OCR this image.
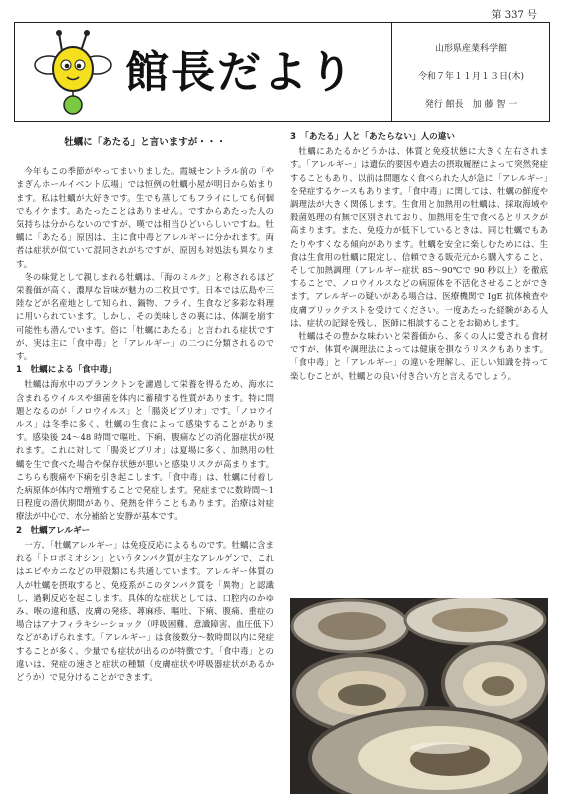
第 337 号
館長だより	山形県産業科学館
令和７年１１月１３日(木)
発行 館長　加 藤 智 一
牡蠣に「あたる」と言いますが・・・

今年もこの季節がやってまいりました。霞城セントラル前の「やまぎんホールイベント広場」では恒例の牡蠣小屋が明日から始まります。私は牡蠣が大好きです。生でも蒸してもフライにしても何個でもイケます。あたったことはありません。ですからあたった人の気持ちは分からないのですが、嘆では相当ひどいらしいですね。牡蠣に「あたる」原因は、主に食中毒とアレルギーに分かれます。両者は症状が似ていて混同されがちですが、原因も対処法も異なります。

冬の味覚として親しまれる牡蠣は、「海のミルク」と称されるほど栄養価が高く、濃厚な旨味が魅力の二枚貝です。日本では広島や三陸などが名産地として知られ、鍋物、フライ、生食など多彩な料理に用いられています。しかし、その美味しさの裏には、体調を崩す可能性も潜んでいます。俗に「牡蠣にあたる」と言われる症状ですが、実は主に「食中毒」と「アレルギー」の二つに分類されるのです。

1　牡蠣による「食中毒」

牡蠣は海水中のプランクトンを濾過して栄養を得るため、海水に含まれるウイルスや細菌を体内に蓄積する性質があります。特に問題となるのが「ノロウイルス」と「腸炎ビブリオ」です。「ノロウイルス」は冬季に多く、牡蠣の生食によって感染することがあります。感染後 24〜48 時間で嘔吐、下痢、腹痛などの消化器症状が現れます。これに対して「腸炎ビブリオ」は夏場に多く、加熱用の牡蠣を生で食べた場合や保存状態が悪いと感染リスクが高まります。こちらも腹痛や下痢を引き起こします。「食中毒」は、牡蠣に付着した病原体が体内で増殖することで発症します。発症までに数時間〜1 日程度の潜伏期間があり、発熱を伴うこともあります。治療は対症療法が中心で、水分補給と安静が基本です。

2　牡蠣アレルギー

一方、「牡蠣アレルギー」は免疫反応によるものです。牡蠣に含まれる「トロポミオシン」というタンパク質が主なアレルゲンで、これはエビやカニなどの甲殻類にも共通しています。アレルギー体質の人が牡蠣を摂取すると、免疫系がこのタンパク質を「異物」と認識し、過剰反応を起こします。具体的な症状としては、口腔内のかゆみ、喉の違和感、皮膚の発疹、蕁麻疹、嘔吐、下痢、腹痛、重症の場合はアナフィラキシーショック（呼吸困難、意識障害、血圧低下）などがあげられます。「アレルギー」は食後数分〜数時間以内に発症することが多く、少量でも症状が出るのが特徴です。「食中毒」との違いは、発症の速さと症状の種類（皮膚症状や呼吸器症状があるかどうか）で見分けることができます。

3　「あたる」人と「あたらない」人の違い

牡蠣にあたるかどうかは、体質と免疫状態に大きく左右されます。「アレルギー」は遺伝的要因や過去の摂取履歴によって突然発症することもあり、以前は問題なく食べられた人が急に「アレルギー」を発症するケースもあります。「食中毒」に関しては、牡蠣の鮮度や調理法が大きく関係します。生食用と加熱用の牡蠣は、採取海域や殺菌処理の有無で区別されており、加熱用を生で食べるとリスクが高まります。また、免疫力が低下しているときは、同じ牡蠣でもあたりやすくなる傾向があります。牡蠣を安全に楽しむためには、生食は生食用の牡蠣に限定し、信頼できる販売元から購入すること、そして加熱調理（アレルギー症状 85〜90℃で 90 秒以上）を徹底することで、ノロウイルスなどの病原体を不活化させることができます。アレルギーの疑いがある場合は、医療機関で IgE 抗体検査や皮膚プリックテストを受けてください。一度あたった経験がある人は、症状の記録を残し、医師に相談することをお勧めします。

牡蠣はその豊かな味わいと栄養価から、多くの人に愛される食材ですが、体質や調理法によっては健康を損なうリスクもあります。「食中毒」と「アレルギー」の違いを理解し、正しい知識を持って楽しむことが、牡蠣との良い付き合い方と言えるでしょう。
